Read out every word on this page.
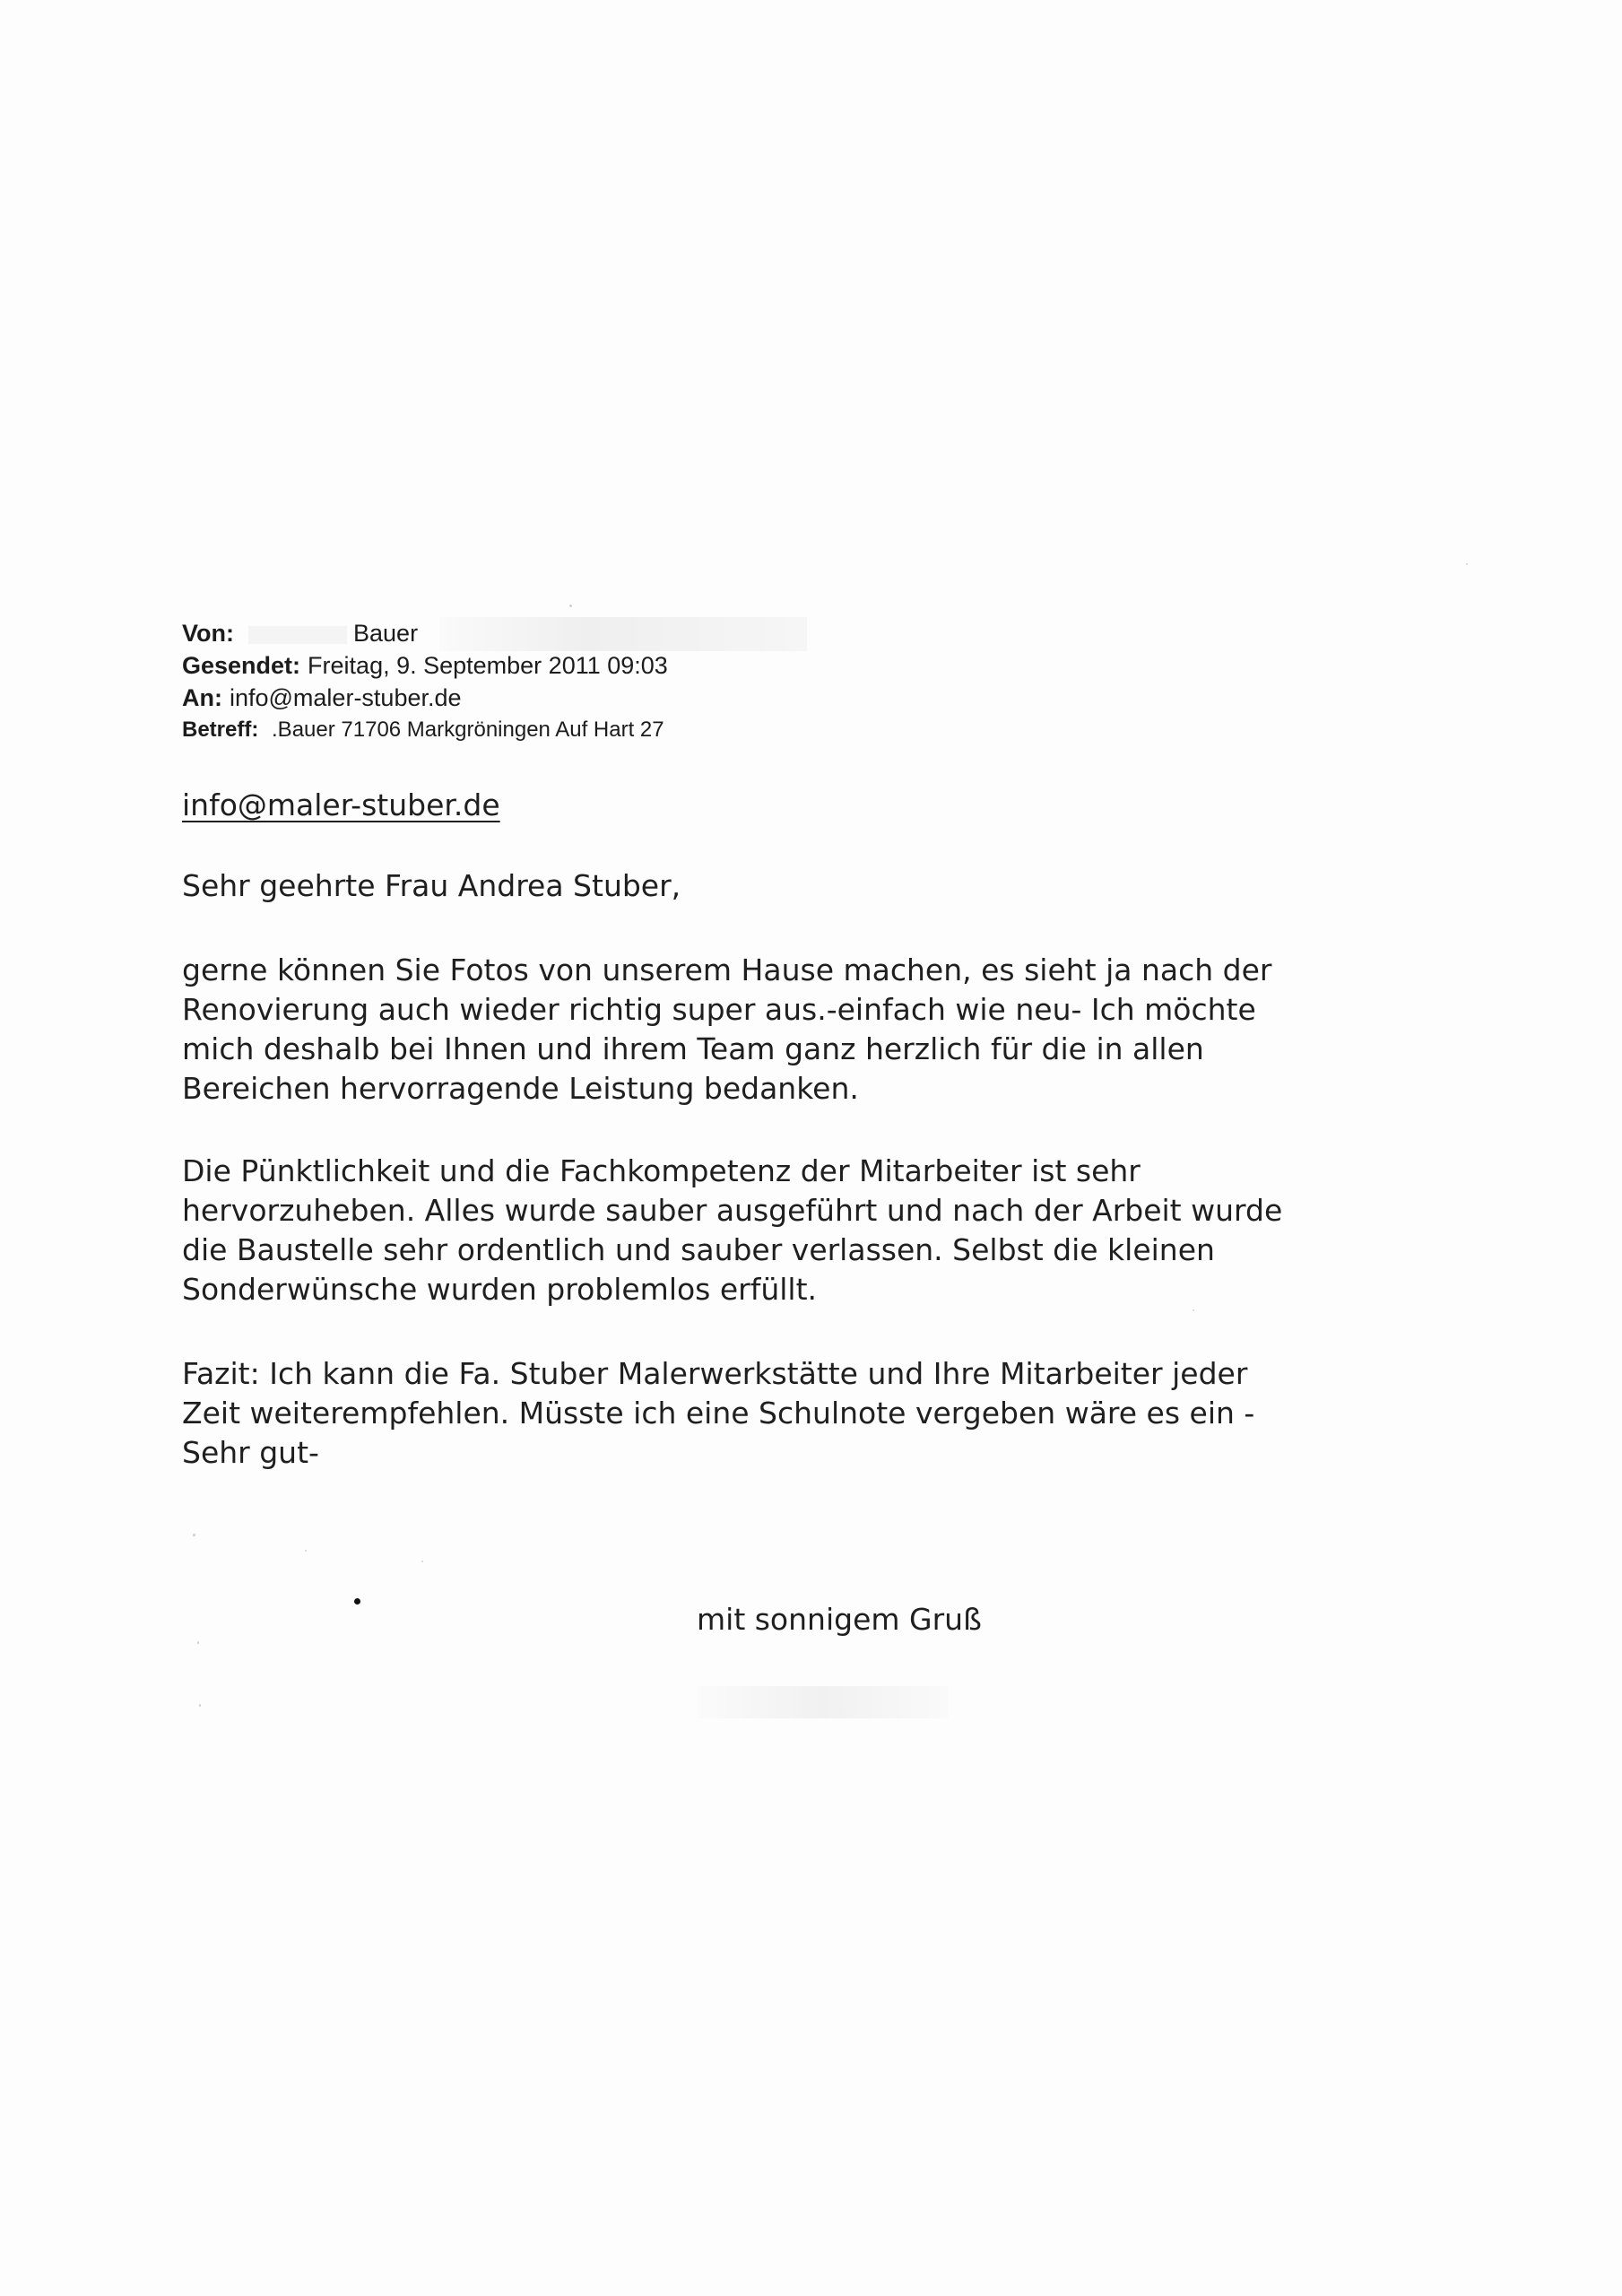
Von:	Bauer
Gesendet: Freitag, 9. September 2011 09:03
An: info@maler-stuber.de
Betreff: .Bauer 71706 Markgröningen Auf Hart 27
info@maler-stuber.de
Sehr geehrte Frau Andrea Stuber,
gerne können Sie Fotos von unserem Hause machen, es sieht ja nach der
Renovierung auch wieder richtig super aus.-einfach wie neu- Ich möchte
mich deshalb bei Ihnen und ihrem Team ganz herzlich für die in allen
Bereichen hervorragende Leistung bedanken.
Die Pünktlichkeit und die Fachkompetenz der Mitarbeiter ist sehr
hervorzuheben. Alles wurde sauber ausgeführt und nach der Arbeit wurde
die Baustelle sehr ordentlich und sauber verlassen. Selbst die kleinen
Sonderwünsche wurden problemlos erfüllt.
Fazit: Ich kann die Fa. Stuber Malerwerkstätte und Ihre Mitarbeiter jeder
Zeit weiterempfehlen. Müsste ich eine Schulnote vergeben wäre es ein -
Sehr gut-
mit sonnigem Gruß
